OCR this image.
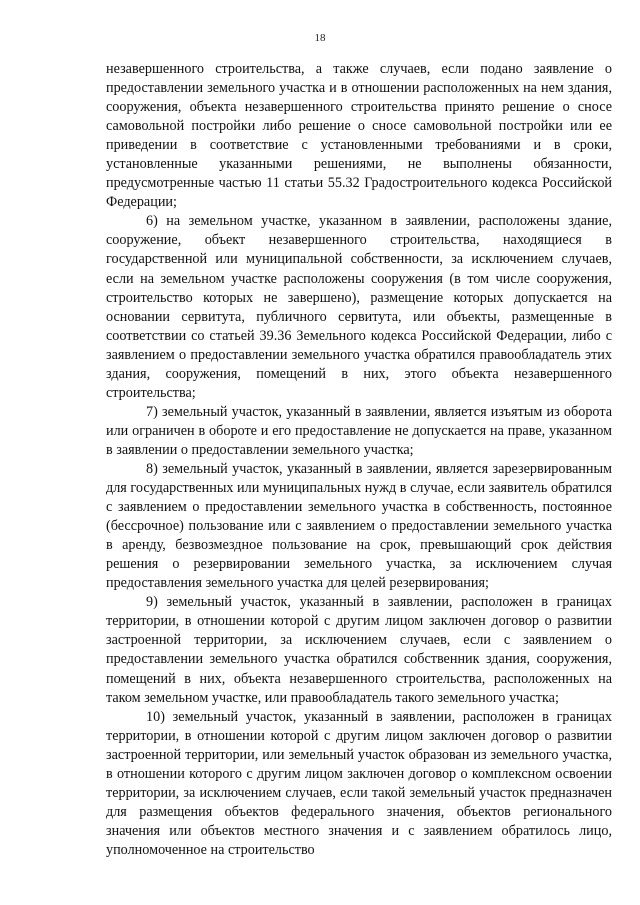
18

незавершенного строительства, а также случаев, если подано заявление о предоставлении земельного участка и в отношении расположенных на нем здания, сооружения, объекта незавершенного строительства принято решение о сносе самовольной постройки либо решение о сносе самовольной постройки или ее приведении в соответствие с установленными требованиями и в сроки, установленные указанными решениями, не выполнены обязанности, предусмотренные частью 11 статьи 55.32 Градостроительного кодекса Российской Федерации;

6) на земельном участке, указанном в заявлении, расположены здание, сооружение, объект незавершенного строительства, находящиеся в государственной или муниципальной собственности, за исключением случаев, если на земельном участке расположены сооружения (в том числе сооружения, строительство которых не завершено), размещение которых допускается на основании сервитута, публичного сервитута, или объекты, размещенные в соответствии со статьей 39.36 Земельного кодекса Российской Федерации, либо с заявлением о предоставлении земельного участка обратился правообладатель этих здания, сооружения, помещений в них, этого объекта незавершенного строительства;

7) земельный участок, указанный в заявлении, является изъятым из оборота или ограничен в обороте и его предоставление не допускается на праве, указанном в заявлении о предоставлении земельного участка;

8) земельный участок, указанный в заявлении, является зарезервированным для государственных или муниципальных нужд в случае, если заявитель обратился с заявлением о предоставлении земельного участка в собственность, постоянное (бессрочное) пользование или с заявлением о предоставлении земельного участка в аренду, безвозмездное пользование на срок, превышающий срок действия решения о резервировании земельного участка, за исключением случая предоставления земельного участка для целей резервирования;

9) земельный участок, указанный в заявлении, расположен в границах территории, в отношении которой с другим лицом заключен договор о развитии застроенной территории, за исключением случаев, если с заявлением о предоставлении земельного участка обратился собственник здания, сооружения, помещений в них, объекта незавершенного строительства, расположенных на таком земельном участке, или правообладатель такого земельного участка;

10) земельный участок, указанный в заявлении, расположен в границах территории, в отношении которой с другим лицом заключен договор о развитии застроенной территории, или земельный участок образован из земельного участка, в отношении которого с другим лицом заключен договор о комплексном освоении территории, за исключением случаев, если такой земельный участок предназначен для размещения объектов федерального значения, объектов регионального значения или объектов местного значения и с заявлением обратилось лицо, уполномоченное на строительство
